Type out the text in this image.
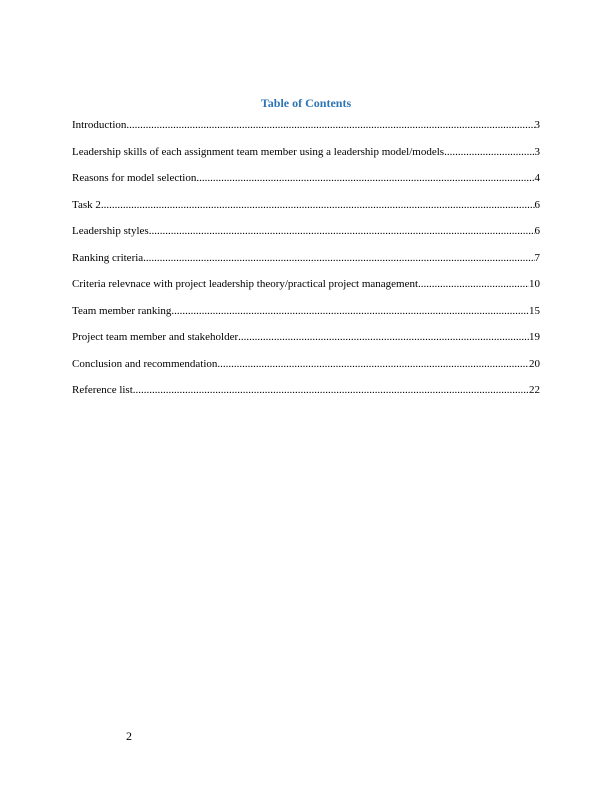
Table of Contents
Introduction .....	3
Leadership skills of each assignment team member using a leadership model/models .....	3
Reasons for model selection .....	4
Task 2 .....	6
Leadership styles .....	6
Ranking criteria .....	7
Criteria relevnace with project leadership theory/practical project management .....	10
Team member ranking .....	15
Project team member and stakeholder .....	19
Conclusion and recommendation .....	20
Reference list .....	22
2
